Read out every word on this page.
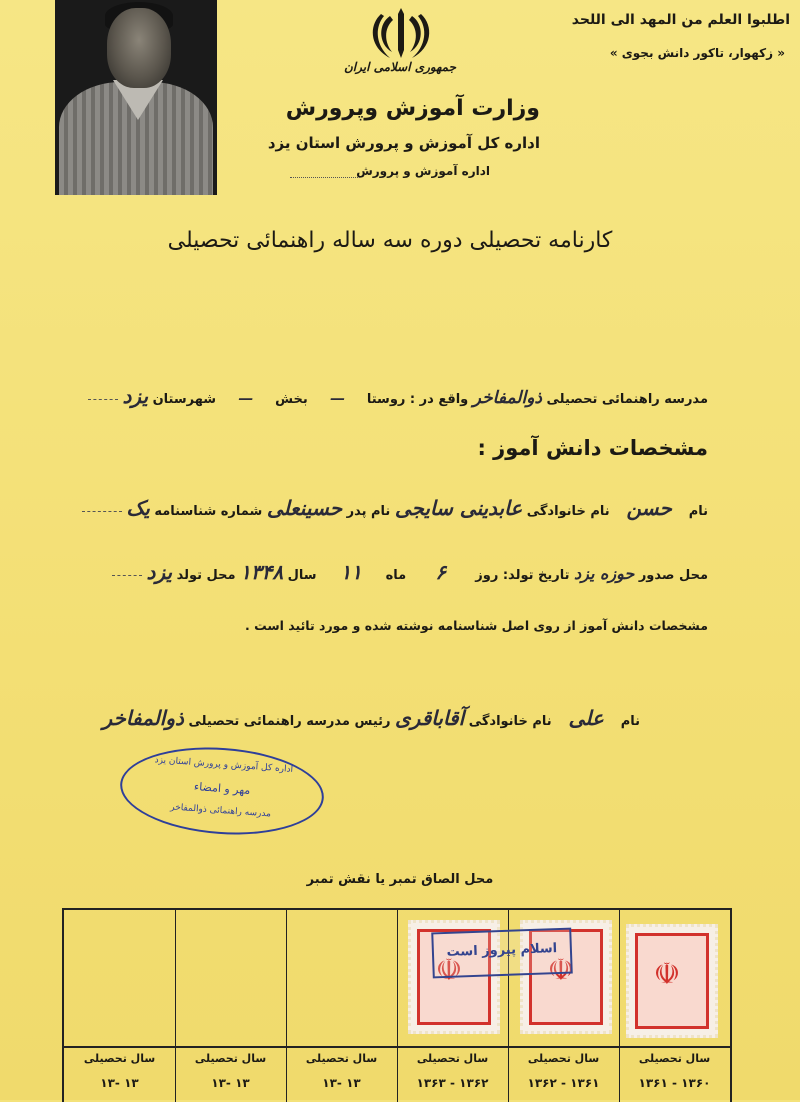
جمهوری اسلامی ایران
وزارت آموزش وپرورش
اداره کل آموزش و پرورش استان یزد
اداره آموزش و پرورش
اطلبوا العلم من المهد الی اللحد
« زکهوار، تاکور دانش بجوی »
کارنامه تحصیلی دوره سه ساله راهنمائی تحصیلی
مدرسه راهنمائی تحصیلی ذوالمفاخر واقع در : روستا — بخش — شهرستان یزد
مشخصات دانش آموز :
نام حسن نام خانوادگی عابدینی سایجی نام پدر حسینعلی شماره شناسنامه یک
محل صدور حوزه یزد تاریخ تولد: روز ۶ ماه ۱۱ سال ۱۳۴۸ محل تولد یزد
مشخصات دانش آموز از روی اصل شناسنامه نوشته شده و مورد تائید است .
نام علی نام خانوادگی آقاباقری رئیس مدرسه راهنمائی تحصیلی ذوالمفاخر
اداره کل آموزش و پرورش استان یزد
مهر و امضاء
مدرسه راهنمائی ذوالمفاخر
محل الصاق تمبر یا نقش تمبر
☫	☫	☫
سال تحصیلی
۱۳۶۰ - ۱۳۶۱
سال تحصیلی
۱۳۶۱ - ۱۳۶۲
سال تحصیلی
۱۳۶۲ - ۱۳۶۳
سال تحصیلی
۱۳ -۱۳
سال تحصیلی
۱۳ -۱۳
سال تحصیلی
۱۳ -۱۳
اسلام پیروز است
